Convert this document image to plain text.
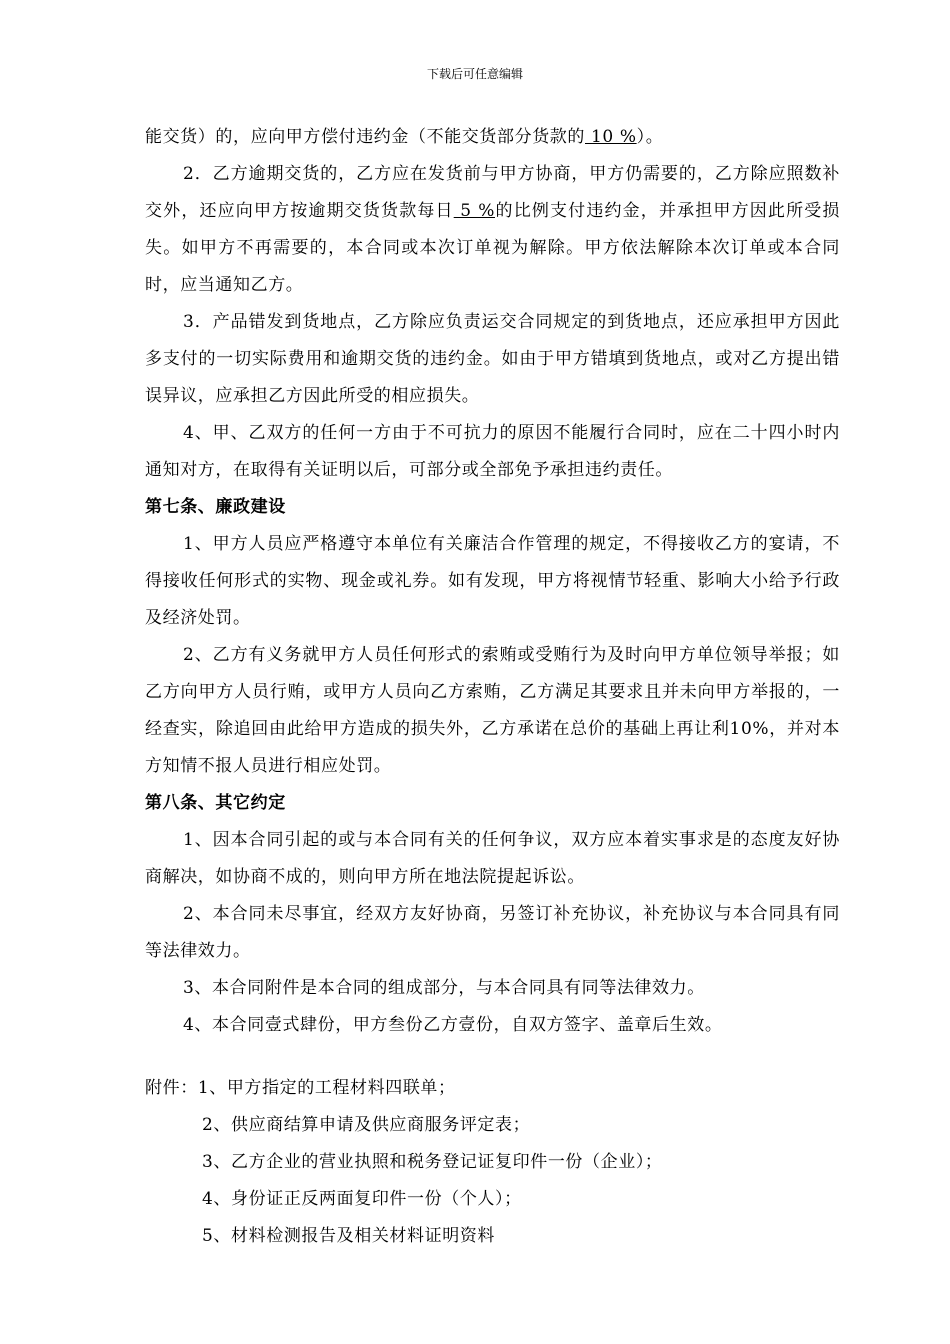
下载后可任意编辑

能交货）的，应向甲方偿付违约金（不能交货部分货款的 10 %）。

2．乙方逾期交货的，乙方应在发货前与甲方协商，甲方仍需要的，乙方除应照数补交外，还应向甲方按逾期交货货款每日 5 %的比例支付违约金，并承担甲方因此所受损失。如甲方不再需要的，本合同或本次订单视为解除。甲方依法解除本次订单或本合同时，应当通知乙方。

3．产品错发到货地点，乙方除应负责运交合同规定的到货地点，还应承担甲方因此多支付的一切实际费用和逾期交货的违约金。如由于甲方错填到货地点，或对乙方提出错误异议，应承担乙方因此所受的相应损失。

4、甲、乙双方的任何一方由于不可抗力的原因不能履行合同时，应在二十四小时内通知对方，在取得有关证明以后，可部分或全部免予承担违约责任。

第七条、廉政建设

1、甲方人员应严格遵守本单位有关廉洁合作管理的规定，不得接收乙方的宴请，不得接收任何形式的实物、现金或礼券。如有发现，甲方将视情节轻重、影响大小给予行政及经济处罚。

2、乙方有义务就甲方人员任何形式的索贿或受贿行为及时向甲方单位领导举报；如乙方向甲方人员行贿，或甲方人员向乙方索贿，乙方满足其要求且并未向甲方举报的，一经查实，除追回由此给甲方造成的损失外，乙方承诺在总价的基础上再让利10%，并对本方知情不报人员进行相应处罚。

第八条、其它约定

1、因本合同引起的或与本合同有关的任何争议，双方应本着实事求是的态度友好协商解决，如协商不成的，则向甲方所在地法院提起诉讼。

2、本合同未尽事宜，经双方友好协商，另签订补充协议，补充协议与本合同具有同等法律效力。

3、本合同附件是本合同的组成部分，与本合同具有同等法律效力。

4、本合同壹式肆份，甲方叁份乙方壹份，自双方签字、盖章后生效。

附件：1、甲方指定的工程材料四联单；

2、供应商结算申请及供应商服务评定表；

3、乙方企业的营业执照和税务登记证复印件一份（企业）；

4、身份证正反两面复印件一份（个人）；

5、材料检测报告及相关材料证明资料
